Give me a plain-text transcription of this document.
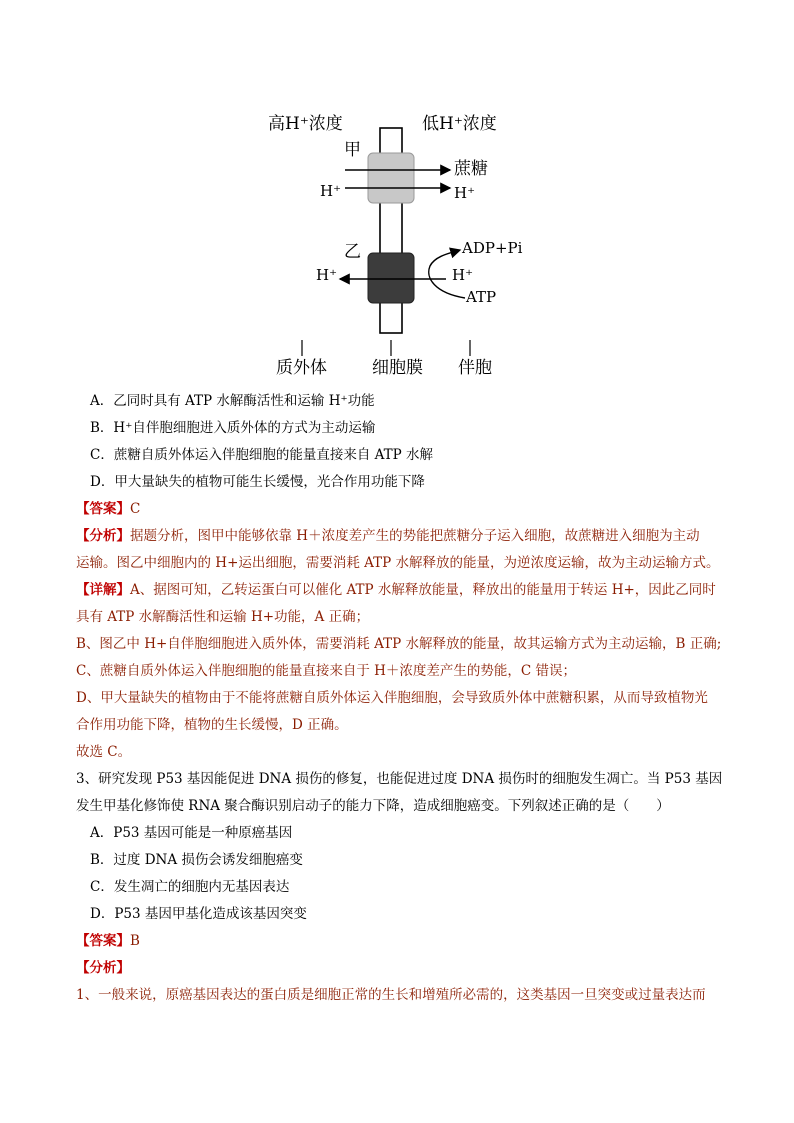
高H⁺浓度	低H⁺浓度
甲
蔗糖
H⁺	H⁺
乙	ADP+Pi
H⁺	H⁺
ATP
质外体	细胞膜 伴胞
A．乙同时具有 ATP 水解酶活性和运输 H⁺功能
B．H⁺自伴胞细胞进入质外体的方式为主动运输
C．蔗糖自质外体运入伴胞细胞的能量直接来自 ATP 水解
D．甲大量缺失的植物可能生长缓慢，光合作用功能下降
【答案】C
【分析】据题分析，图甲中能够依靠 H＋浓度差产生的势能把蔗糖分子运入细胞，故蔗糖进入细胞为主动
运输。图乙中细胞内的 H+运出细胞，需要消耗 ATP 水解释放的能量，为逆浓度运输，故为主动运输方式。
【详解】A、据图可知，乙转运蛋白可以催化 ATP 水解释放能量，释放出的能量用于转运 H+，因此乙同时
具有 ATP 水解酶活性和运输 H+功能，A 正确；
B、图乙中 H+自伴胞细胞进入质外体，需要消耗 ATP 水解释放的能量，故其运输方式为主动运输，B 正确;
C、蔗糖自质外体运入伴胞细胞的能量直接来自于 H＋浓度差产生的势能，C 错误；
D、甲大量缺失的植物由于不能将蔗糖自质外体运入伴胞细胞，会导致质外体中蔗糖积累，从而导致植物光
合作用功能下降，植物的生长缓慢，D 正确。
故选 C。
3、研究发现 P53 基因能促进 DNA 损伤的修复，也能促进过度 DNA 损伤时的细胞发生凋亡。当 P53 基因
发生甲基化修饰使 RNA 聚合酶识别启动子的能力下降，造成细胞癌变。下列叙述正确的是（　　）
A．P53 基因可能是一种原癌基因
B．过度 DNA 损伤会诱发细胞癌变
C．发生凋亡的细胞内无基因表达
D．P53 基因甲基化造成该基因突变
【答案】B
【分析】
1、一般来说，原癌基因表达的蛋白质是细胞正常的生长和增殖所必需的，这类基因一旦突变或过量表达而
